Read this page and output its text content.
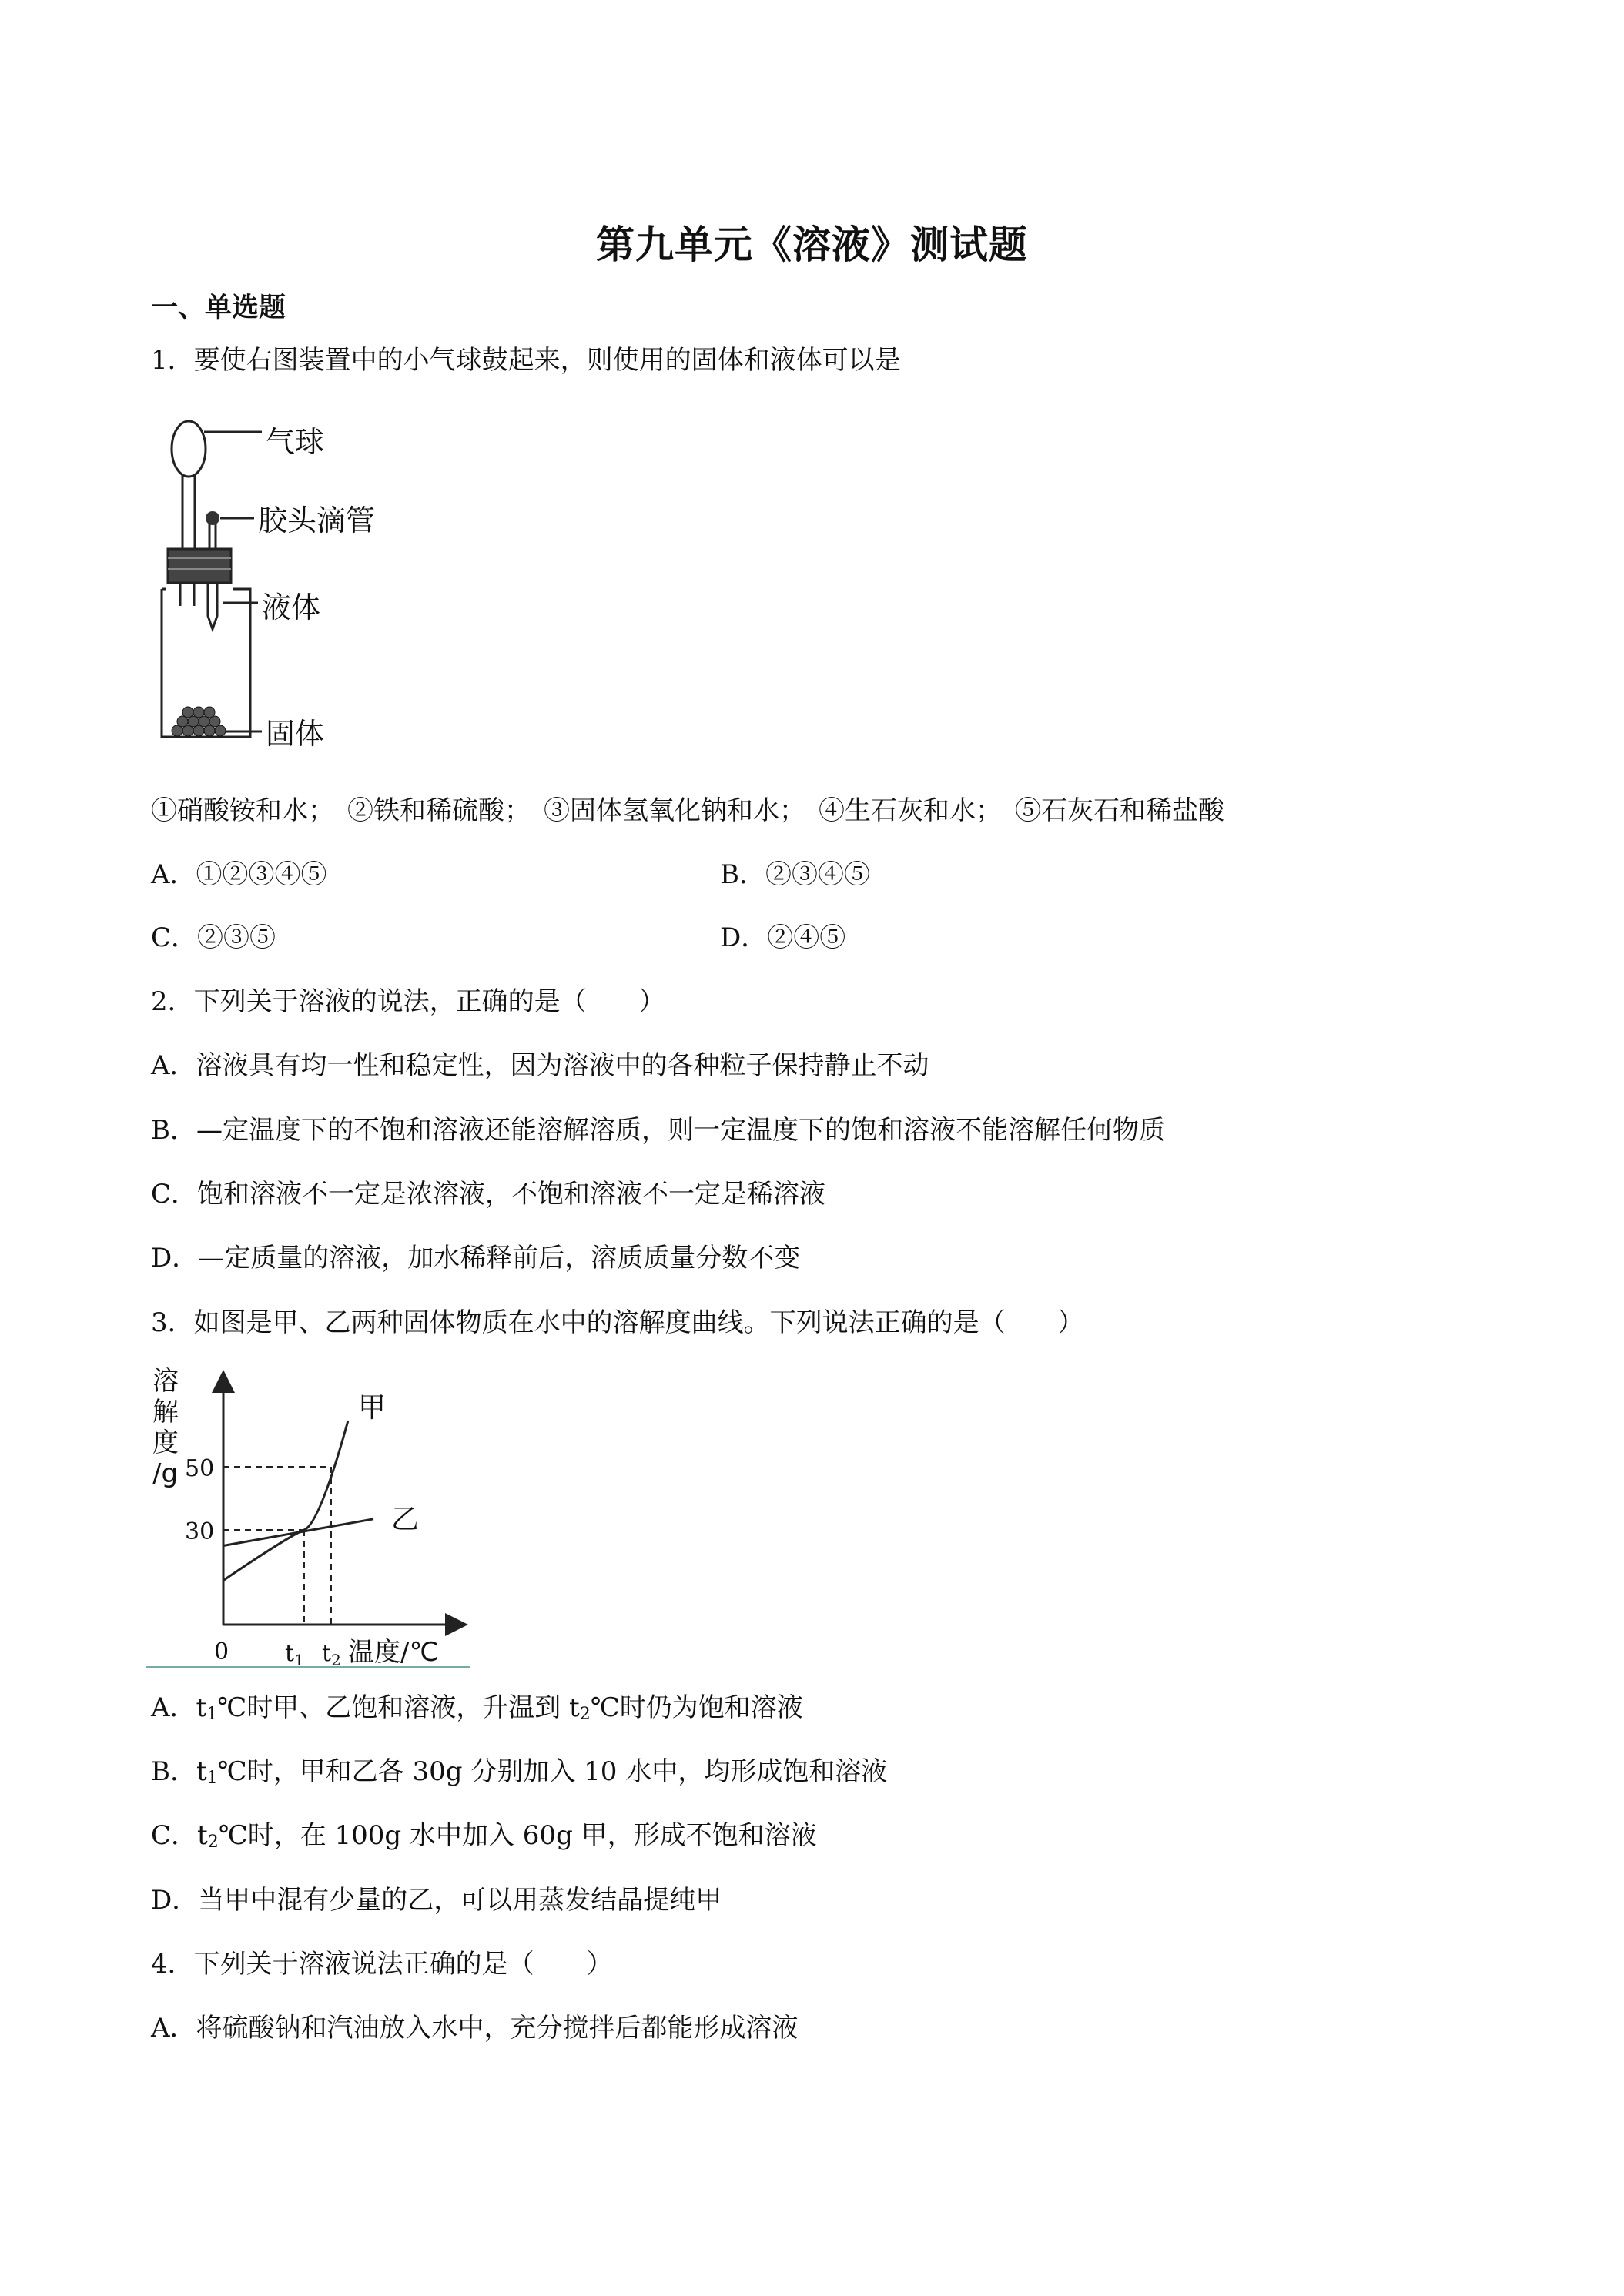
第九单元《溶液》测试题
一、单选题
1．要使右图装置中的小气球鼓起来，则使用的固体和液体可以是
气球
胶头滴管
液体
固体
①硝酸铵和水；　②铁和稀硫酸；　③固体氢氧化钠和水；　④生石灰和水；　⑤石灰石和稀盐酸
A．①②③④⑤	B．②③④⑤
C．②③⑤	D．②④⑤
2．下列关于溶液的说法，正确的是（　　）
A．溶液具有均一性和稳定性，因为溶液中的各种粒子保持静止不动
B．—定温度下的不饱和溶液还能溶解溶质，则一定温度下的饱和溶液不能溶解任何物质
C．饱和溶液不一定是浓溶液，不饱和溶液不一定是稀溶液
D．—定质量的溶液，加水稀释前后，溶质质量分数不变
3．如图是甲、乙两种固体物质在水中的溶解度曲线。下列说法正确的是（　　）
溶
解
度
/g 50
30
0 $t_1$ $t_2$ 温度/℃
甲
乙
A．$t_1℃$时甲、乙饱和溶液，升温到 $t_2℃$时仍为饱和溶液
B．$t_1℃$时，甲和乙各 30g 分别加入 10 水中，均形成饱和溶液
C．$t_2℃$时，在 100g 水中加入 60g 甲，形成不饱和溶液
D．当甲中混有少量的乙，可以用蒸发结晶提纯甲
4．下列关于溶液说法正确的是（　　）
A．将硫酸钠和汽油放入水中，充分搅拌后都能形成溶液
